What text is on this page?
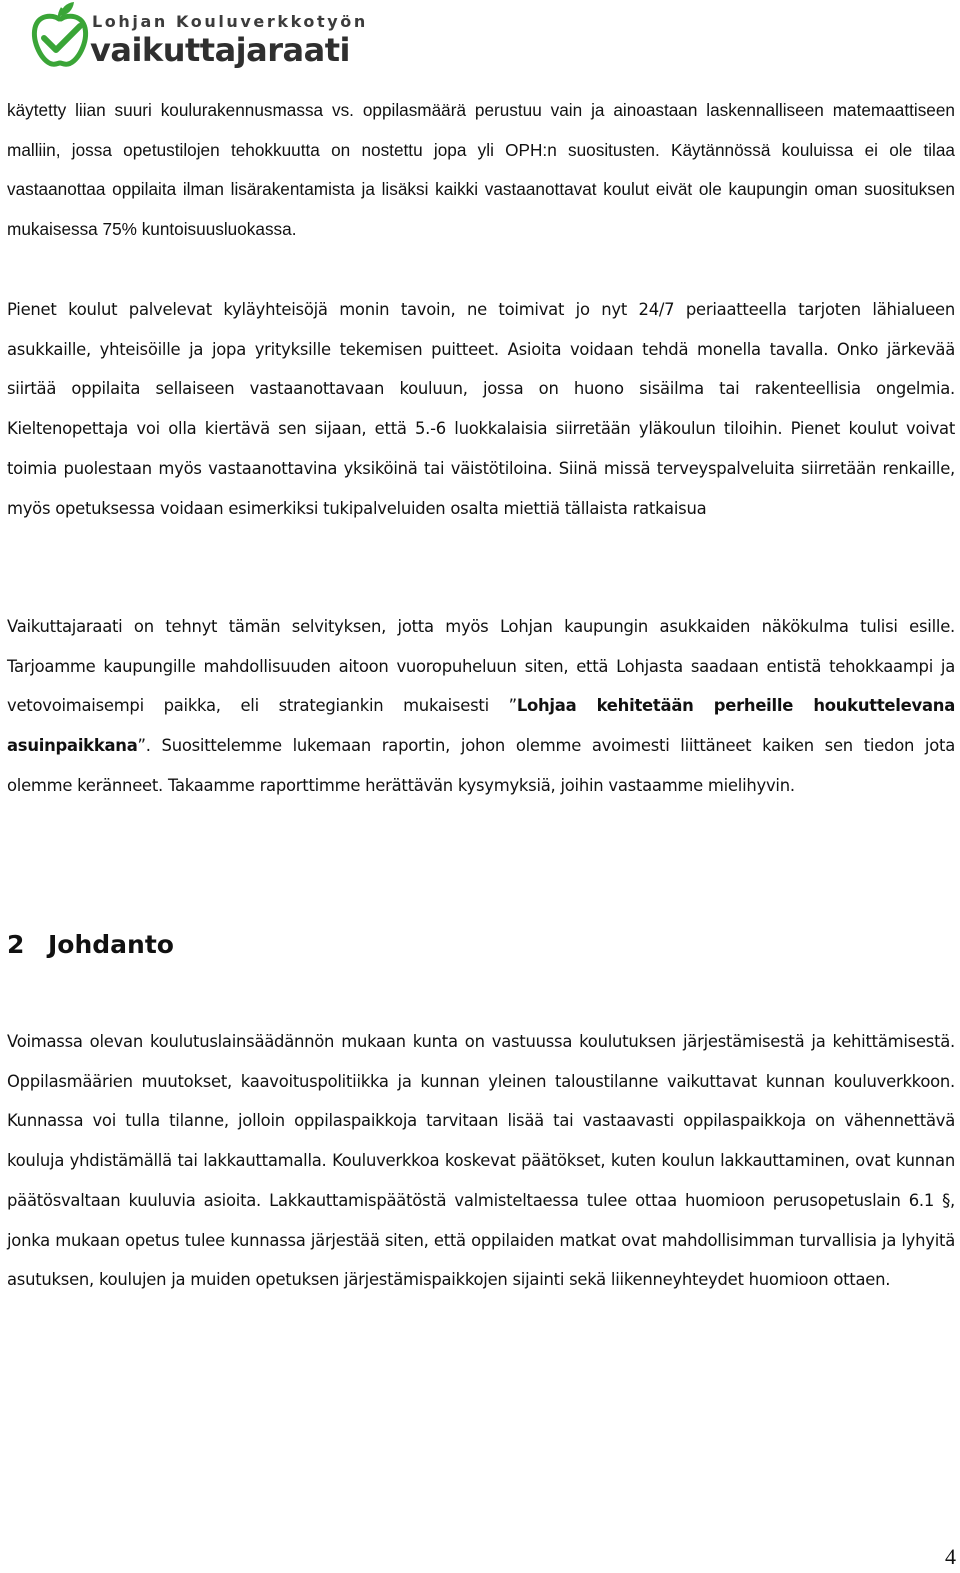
Lohjan Kouluverkkotyön
vaikuttajaraati

käytetty liian suuri koulurakennusmassa vs. oppilasmäärä perustuu vain ja ainoastaan laskennalliseen matemaattiseen malliin, jossa opetustilojen tehokkuutta on nostettu jopa yli OPH:n suositusten. Käytännössä kouluissa ei ole tilaa vastaanottaa oppilaita ilman lisärakentamista ja lisäksi kaikki vastaanottavat koulut eivät ole kaupungin oman suosituksen mukaisessa 75% kuntoisuusluokassa.

Pienet koulut palvelevat kyläyhteisöjä monin tavoin, ne toimivat jo nyt 24/7 periaatteella tarjoten lähialueen asukkaille, yhteisöille ja jopa yrityksille tekemisen puitteet. Asioita voidaan tehdä monella tavalla. Onko järkevää siirtää oppilaita sellaiseen vastaanottavaan kouluun, jossa on huono sisäilma tai rakenteellisia ongelmia. Kieltenopettaja voi olla kiertävä sen sijaan, että 5.-6 luokkalaisia siirretään yläkoulun tiloihin. Pienet koulut voivat toimia puolestaan myös vastaanottavina yksiköinä tai väistötiloina. Siinä missä terveyspalveluita siirretään renkaille, myös opetuksessa voidaan esimerkiksi tukipalveluiden osalta miettiä tällaista ratkaisua

Vaikuttajaraati on tehnyt tämän selvityksen, jotta myös Lohjan kaupungin asukkaiden näkökulma tulisi esille. Tarjoamme kaupungille mahdollisuuden aitoon vuoropuheluun siten, että Lohjasta saadaan entistä tehokkaampi ja vetovoimaisempi paikka, eli strategiankin mukaisesti ”Lohjaa kehitetään perheille houkuttelevana asuinpaikkana”. Suosittelemme lukemaan raportin, johon olemme avoimesti liittäneet kaiken sen tiedon jota olemme keränneet. Takaamme raporttimme herättävän kysymyksiä, joihin vastaamme mielihyvin.

2 Johdanto

Voimassa olevan koulutuslainsäädännön mukaan kunta on vastuussa koulutuksen järjestämisestä ja kehittämisestä. Oppilasmäärien muutokset, kaavoituspolitiikka ja kunnan yleinen taloustilanne vaikuttavat kunnan kouluverkkoon. Kunnassa voi tulla tilanne, jolloin oppilaspaikkoja tarvitaan lisää tai vastaavasti oppilaspaikkoja on vähennettävä kouluja yhdistämällä tai lakkauttamalla. Kouluverkkoa koskevat päätökset, kuten koulun lakkauttaminen, ovat kunnan päätösvaltaan kuuluvia asioita. Lakkauttamispäätöstä valmisteltaessa tulee ottaa huomioon perusopetuslain 6.1 §, jonka mukaan opetus tulee kunnassa järjestää siten, että oppilaiden matkat ovat mahdollisimman turvallisia ja lyhyitä asutuksen, koulujen ja muiden opetuksen järjestämispaikkojen sijainti sekä liikenneyhteydet huomioon ottaen.

4
